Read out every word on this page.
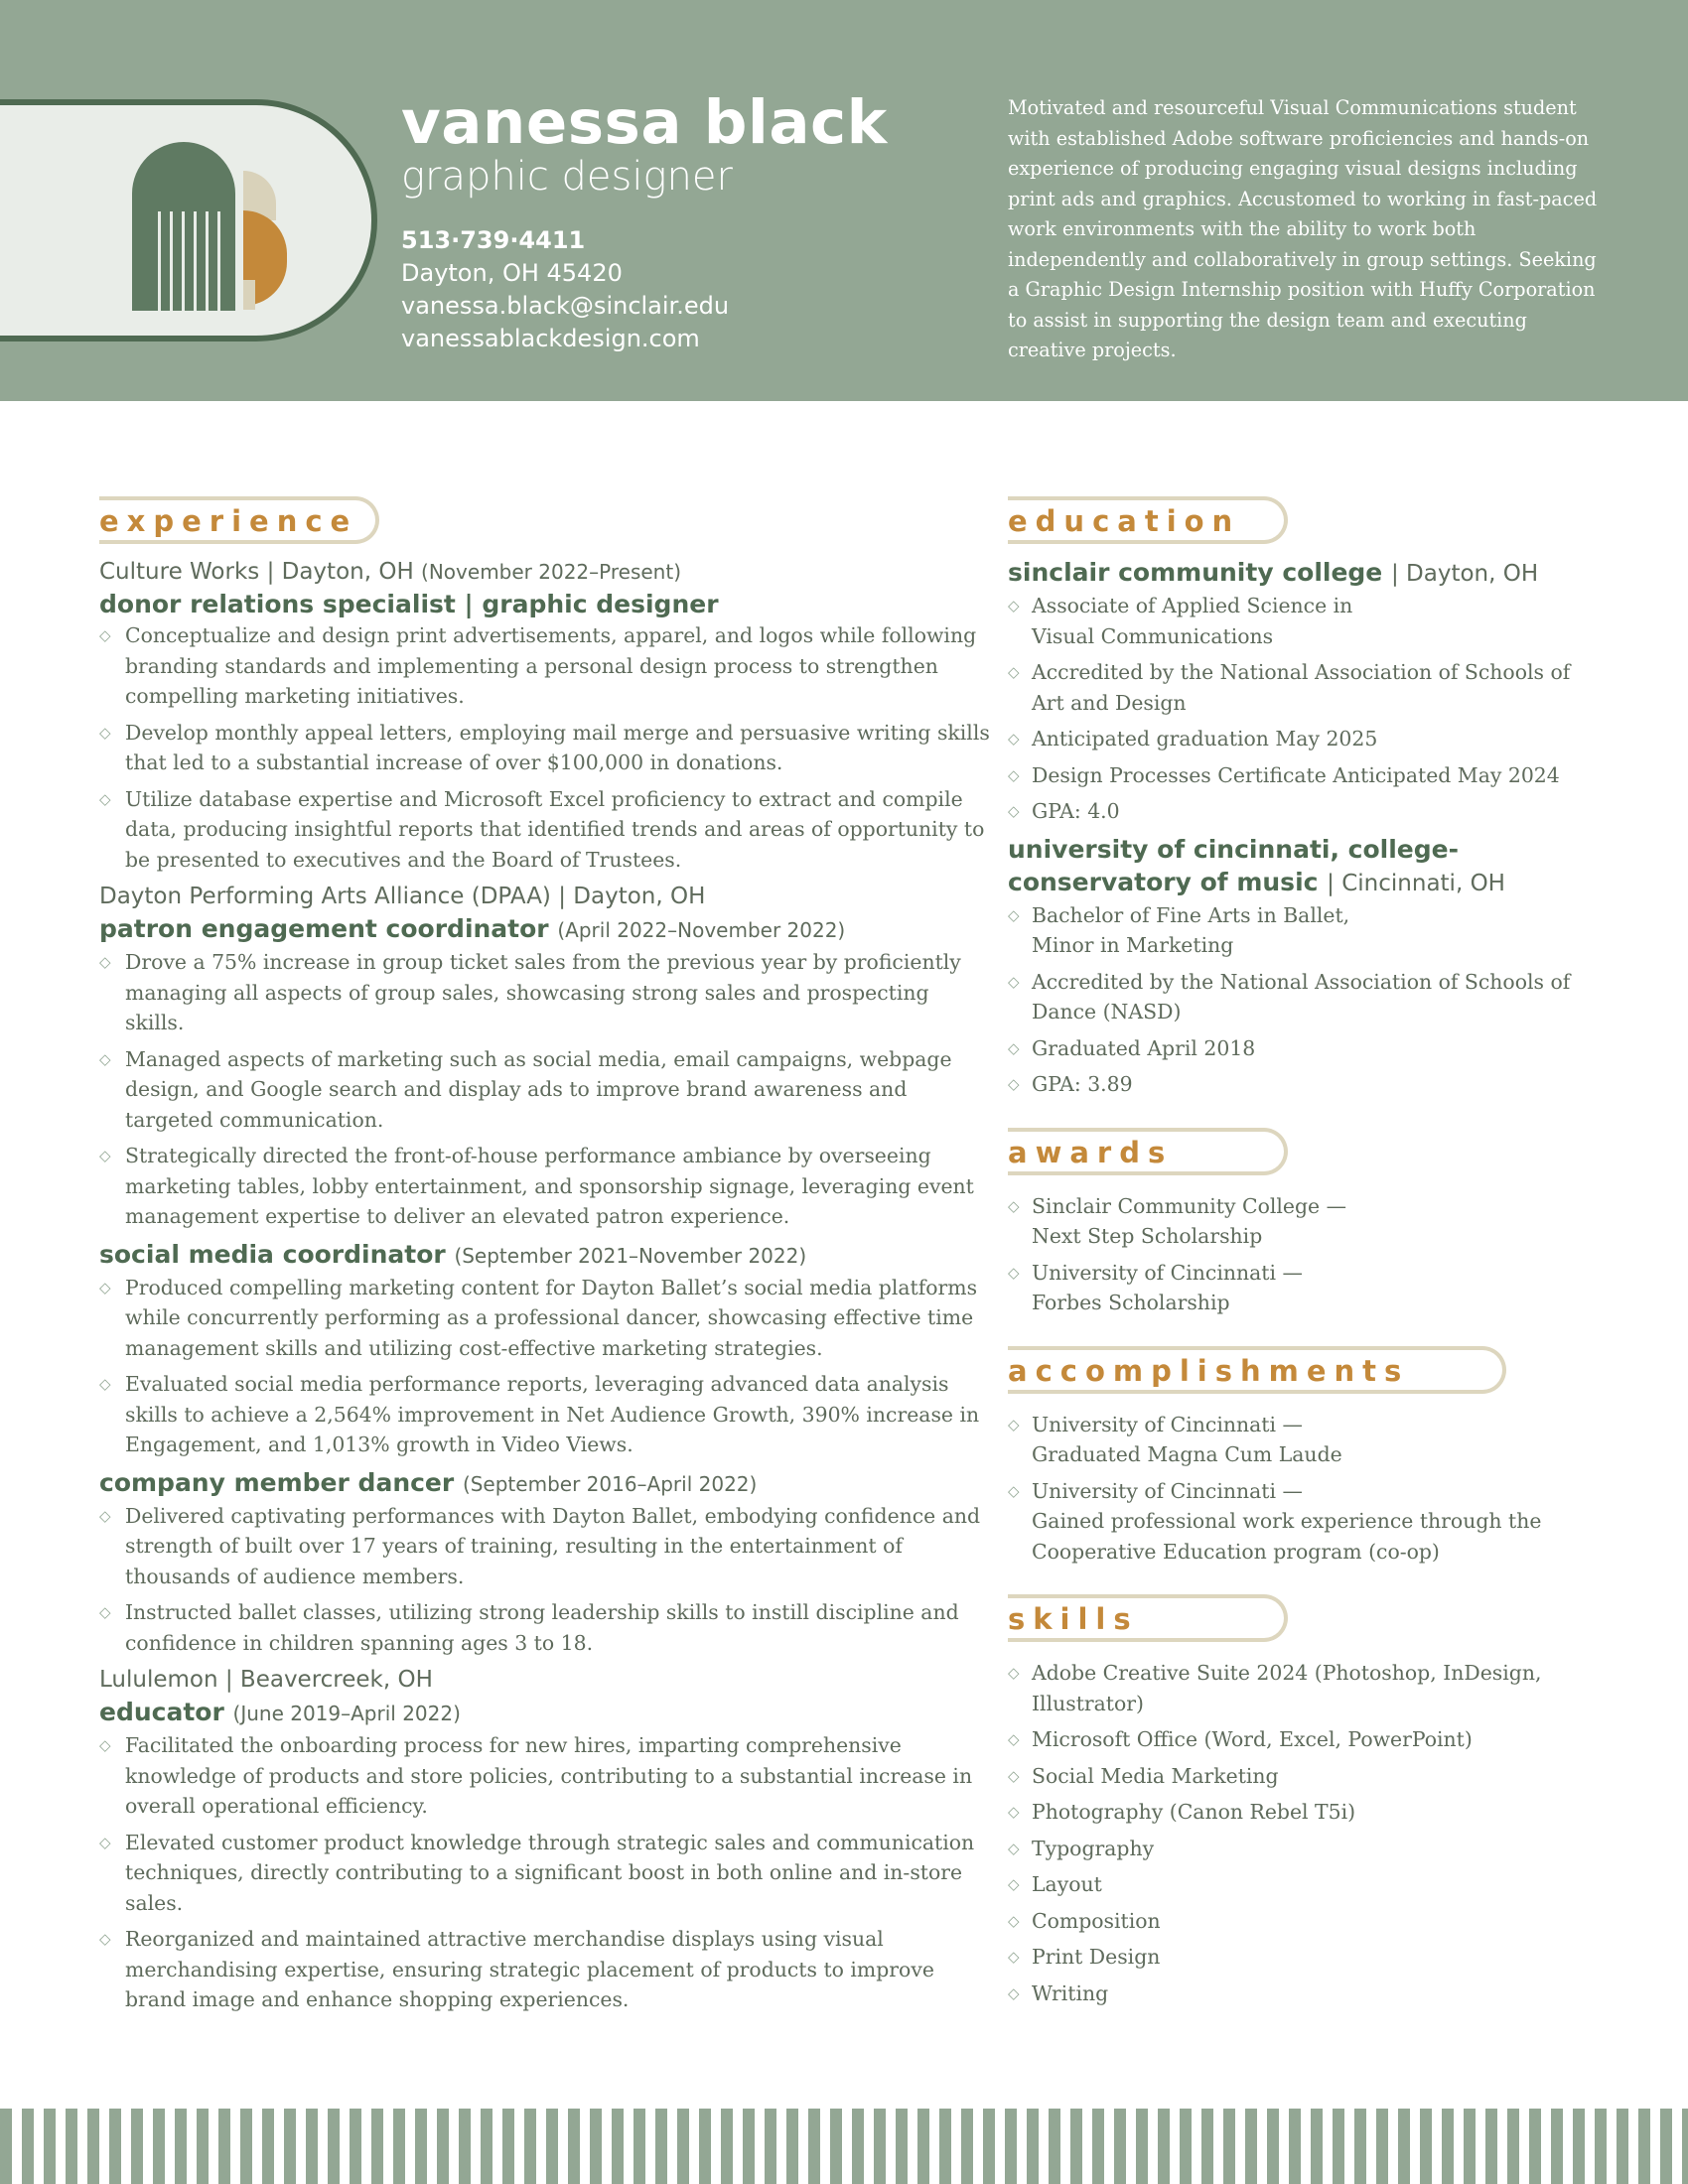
vanessa black
graphic designer
513·739·4411
Dayton, OH 45420
vanessa.black@sinclair.edu
vanessablackdesign.com
Motivated and resourceful Visual Communications student with established Adobe software proficiencies and hands-on experience of producing engaging visual designs including print ads and graphics. Accustomed to working in fast-paced work environments with the ability to work both independently and collaboratively in group settings. Seeking a Graphic Design Internship position with Huffy Corporation to assist in supporting the design team and executing creative projects.
experience
Culture Works | Dayton, OH (November 2022–Present)
donor relations specialist | graphic designer
◇ Conceptualize and design print advertisements, apparel, and logos while following branding standards and implementing a personal design process to strengthen compelling marketing initiatives.
◇ Develop monthly appeal letters, employing mail merge and persuasive writing skills that led to a substantial increase of over $100,000 in donations.
◇ Utilize database expertise and Microsoft Excel proficiency to extract and compile data, producing insightful reports that identified trends and areas of opportunity to be presented to executives and the Board of Trustees.
Dayton Performing Arts Alliance (DPAA) | Dayton, OH
patron engagement coordinator (April 2022–November 2022)
◇ Drove a 75% increase in group ticket sales from the previous year by proficiently managing all aspects of group sales, showcasing strong sales and prospecting skills.
◇ Managed aspects of marketing such as social media, email campaigns, webpage design, and Google search and display ads to improve brand awareness and targeted communication.
◇ Strategically directed the front-of-house performance ambiance by overseeing marketing tables, lobby entertainment, and sponsorship signage, leveraging event management expertise to deliver an elevated patron experience.
social media coordinator (September 2021–November 2022)
◇ Produced compelling marketing content for Dayton Ballet’s social media platforms while concurrently performing as a professional dancer, showcasing effective time management skills and utilizing cost-effective marketing strategies.
◇ Evaluated social media performance reports, leveraging advanced data analysis skills to achieve a 2,564% improvement in Net Audience Growth, 390% increase in Engagement, and 1,013% growth in Video Views.
company member dancer (September 2016–April 2022)
◇ Delivered captivating performances with Dayton Ballet, embodying confidence and strength of built over 17 years of training, resulting in the entertainment of thousands of audience members.
◇ Instructed ballet classes, utilizing strong leadership skills to instill discipline and confidence in children spanning ages 3 to 18.
Lululemon | Beavercreek, OH
educator (June 2019–April 2022)
◇ Facilitated the onboarding process for new hires, imparting comprehensive knowledge of products and store policies, contributing to a substantial increase in overall operational efficiency.
◇ Elevated customer product knowledge through strategic sales and communication techniques, directly contributing to a significant boost in both online and in-store sales.
◇ Reorganized and maintained attractive merchandise displays using visual merchandising expertise, ensuring strategic placement of products to improve brand image and enhance shopping experiences.
education
sinclair community college | Dayton, OH
◇ Associate of Applied Science in
Visual Communications
◇ Accredited by the National Association of Schools of Art and Design
◇ Anticipated graduation May 2025
◇ Design Processes Certificate Anticipated May 2024
◇ GPA: 4.0
university of cincinnati, college-
conservatory of music | Cincinnati, OH
◇ Bachelor of Fine Arts in Ballet,
Minor in Marketing
◇ Accredited by the National Association of Schools of Dance (NASD)
◇ Graduated April 2018
◇ GPA: 3.89
awards
◇ Sinclair Community College —
Next Step Scholarship
◇ University of Cincinnati —
Forbes Scholarship
accomplishments
◇ University of Cincinnati —
Graduated Magna Cum Laude
◇ University of Cincinnati —
Gained professional work experience through the Cooperative Education program (co-op)
skills
◇ Adobe Creative Suite 2024 (Photoshop, InDesign, Illustrator)
◇ Microsoft Office (Word, Excel, PowerPoint)
◇ Social Media Marketing
◇ Photography (Canon Rebel T5i)
◇ Typography
◇ Layout
◇ Composition
◇ Print Design
◇ Writing
